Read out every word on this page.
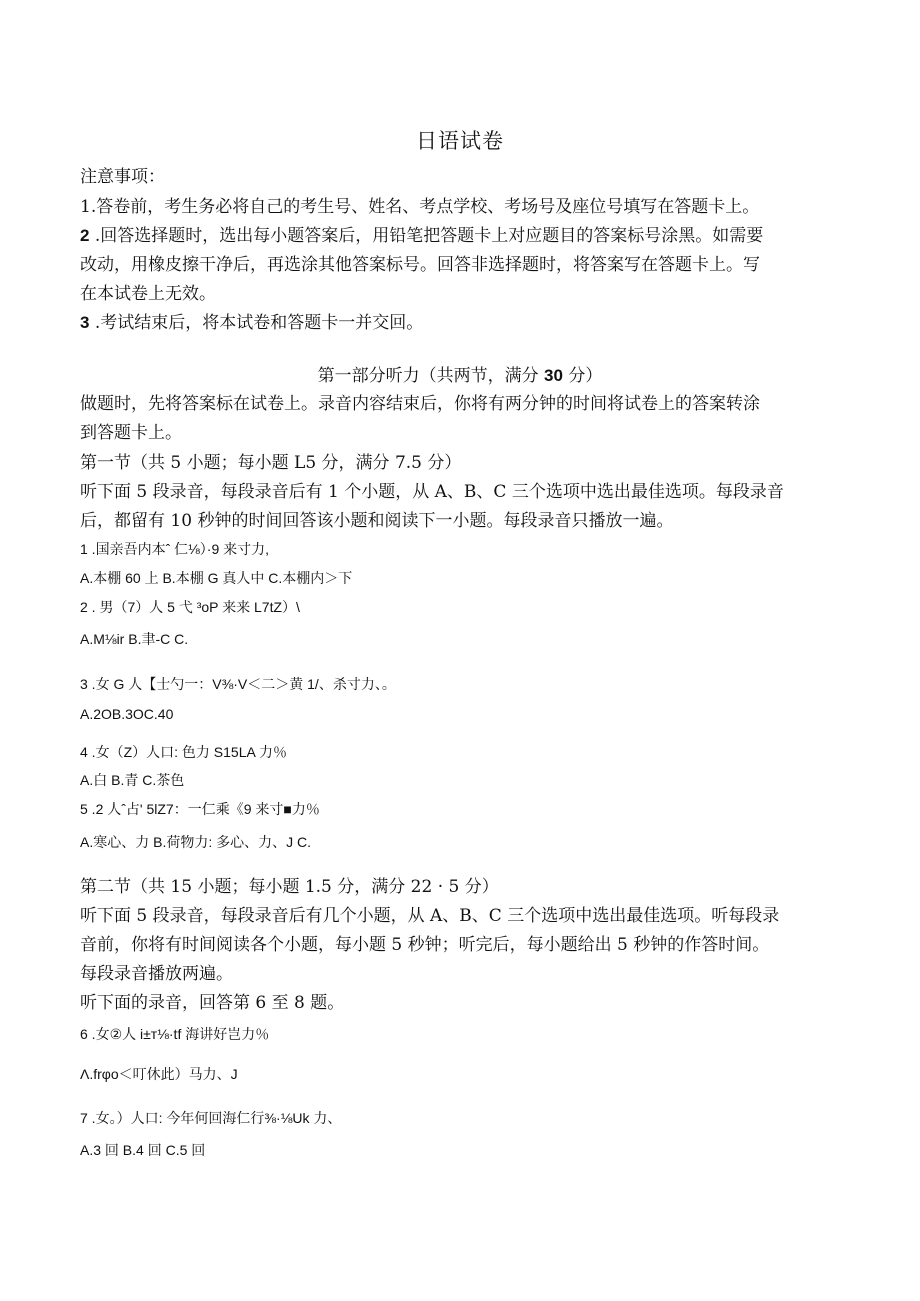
日语试卷
注意事项：
1.答卷前，考生务必将自己的考生号、姓名、考点学校、考场号及座位号填写在答题卡上。
2 .回答选择题时，选出每小题答案后，用铅笔把答题卡上对应题目的答案标号涂黑。如需要
改动，用橡皮擦干净后，再选涂其他答案标号。回答非选择题时，将答案写在答题卡上。写
在本试卷上无效。
3 .考试结束后，将本试卷和答题卡一并交回。
第一部分听力（共两节，满分 30 分）
做题时，先将答案标在试卷上。录音内容结束后，你将有两分钟的时间将试卷上的答案转涂
到答题卡上。
第一节（共 5 小题；每小题 L5 分，满分 7.5 分）
听下面 5 段录音，每段录音后有 1 个小题，从 A、B、C 三个选项中选出最佳选项。每段录音
后，都留有 10 秒钟的时间回答该小题和阅读下一小题。每段录音只播放一遍。
1 .国亲吾内本ˆ 仁⅛）·9 来寸力,
A.本棚 60 上 B.本棚 G 真人中 C.本棚内＞下
2 . 男（7）人 5 弋 ³oP 来来 L7tZ）\
A.M⅛ir B.聿-C C.
3 .女 G 人【士勺一：V⅜·V＜二＞黄 1/、杀寸力、。
A.2OB.3OC.40
4 .女（Z）人口: 色力 S15LA 力％
A.白 B.青 C.茶色
5 .2 人ˆ占' 5lZ7：一仁乘《9 来寸■力％
A.寒心、力 B.荷物力: 多心、力、J C.
第二节（共 15 小题；每小题 1.5 分，满分 22 · 5 分）
听下面 5 段录音，每段录音后有几个小题，从 A、B、C 三个选项中选出最佳选项。听每段录
音前，你将有时间阅读各个小题，每小题 5 秒钟；听完后，每小题给出 5 秒钟的作答时间。
每段录音播放两遍。
听下面的录音，回答第 6 至 8 题。
6 .女②人 i±т⅛·tf 海讲好岂力％
Λ.frφo＜叮休此）马力、J
7 .女。）人口: 今年何回海仁行⅜·⅛Uk 力、
A.3 回 B.4 回 C.5 回
